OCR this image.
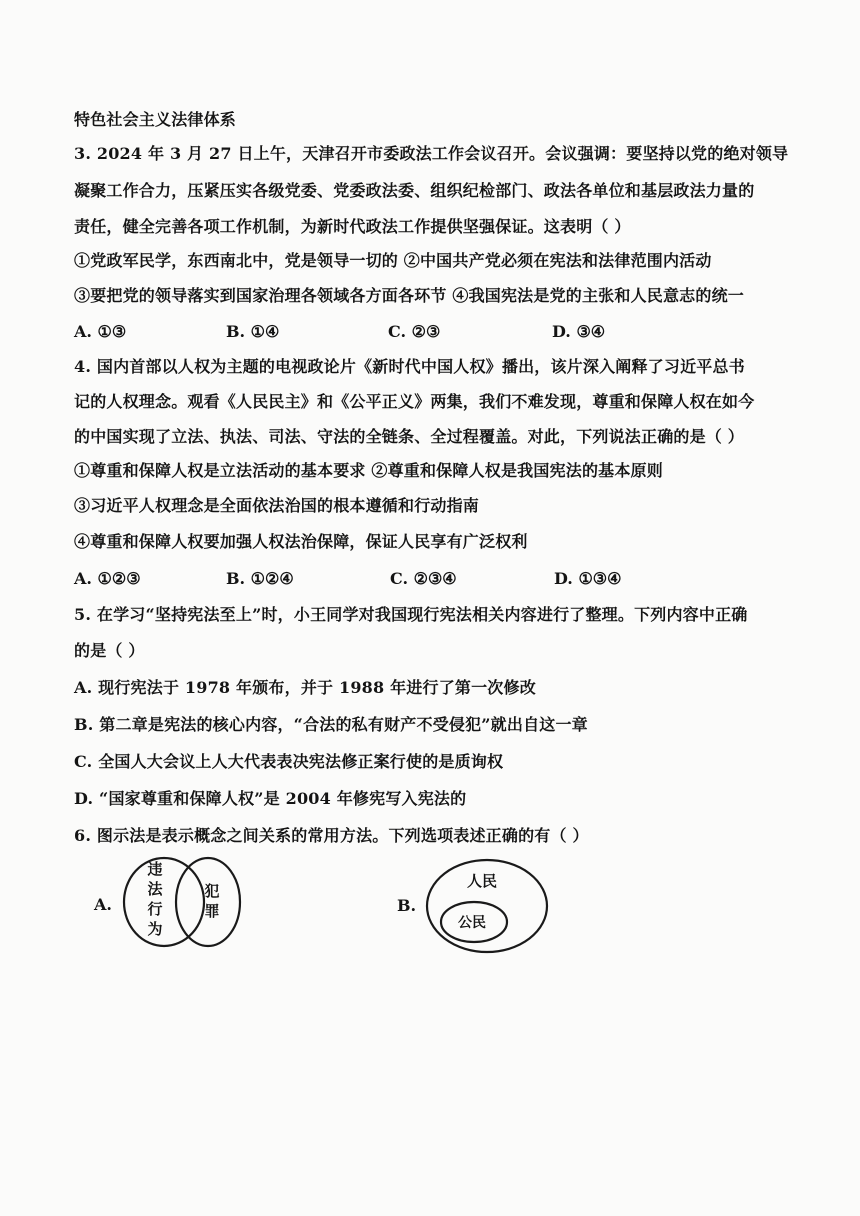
特色社会主义法律体系
3. 2024 年 3 月 27 日上午，天津召开市委政法工作会议召开。会议强调：要坚持以党的绝对领导
凝聚工作合力，压紧压实各级党委、党委政法委、组织纪检部门、政法各单位和基层政法力量的
责任，健全完善各项工作机制，为新时代政法工作提供坚强保证。这表明（ ）
①党政军民学，东西南北中，党是领导一切的 ②中国共产党必须在宪法和法律范围内活动
③要把党的领导落实到国家治理各领域各方面各环节 ④我国宪法是党的主张和人民意志的统一
A. ①③	B. ①④	C. ②③	D. ③④
4. 国内首部以人权为主题的电视政论片《新时代中国人权》播出，该片深入阐释了习近平总书
记的人权理念。观看《人民民主》和《公平正义》两集，我们不难发现，尊重和保障人权在如今
的中国实现了立法、执法、司法、守法的全链条、全过程覆盖。对此，下列说法正确的是（ ）
①尊重和保障人权是立法活动的基本要求 ②尊重和保障人权是我国宪法的基本原则
③习近平人权理念是全面依法治国的根本遵循和行动指南
④尊重和保障人权要加强人权法治保障，保证人民享有广泛权利
A. ①②③	B. ①②④	C. ②③④	D. ①③④
5. 在学习“坚持宪法至上”时，小王同学对我国现行宪法相关内容进行了整理。下列内容中正确
的是（ ）
A. 现行宪法于 1978 年颁布，并于 1988 年进行了第一次修改
B. 第二章是宪法的核心内容，“合法的私有财产不受侵犯”就出自这一章
C. 全国人大会议上人大代表表决宪法修正案行使的是质询权
D. “国家尊重和保障人权”是 2004 年修宪写入宪法的
6. 图示法是表示概念之间关系的常用方法。下列选项表述正确的有（ ）
A.
违法行为
犯罪	B.
人民
公民
